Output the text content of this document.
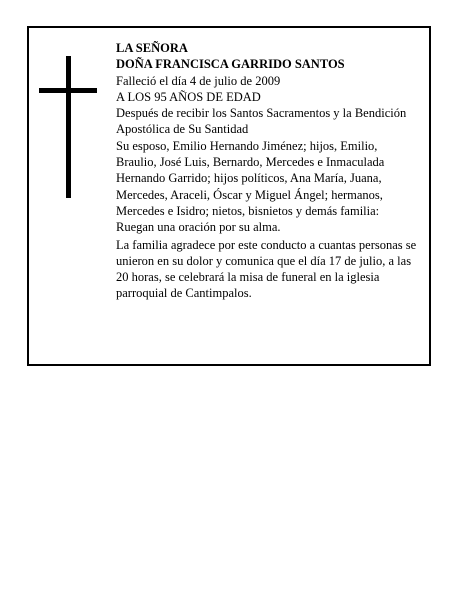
LA SEÑORA

DOÑA FRANCISCA GARRIDO SANTOS

Falleció el día 4 de julio de 2009

A LOS 95 AÑOS DE EDAD

Después de recibir los Santos Sacramentos y la Bendición Apostólica de Su Santidad

Su esposo, Emilio Hernando Jiménez; hijos, Emilio, Braulio, José Luis, Bernardo, Mercedes e Inmaculada Hernando Garrido; hijos políticos, Ana María, Juana, Mercedes, Araceli, Óscar y Miguel Ángel; hermanos, Mercedes e Isidro; nietos, bisnietos y demás familia:

Ruegan una oración por su alma.

La familia agradece por este conducto a cuantas personas se unieron en su dolor y comunica que el día 17 de julio, a las 20 horas, se celebrará la misa de funeral en la iglesia parroquial de Cantimpalos.
